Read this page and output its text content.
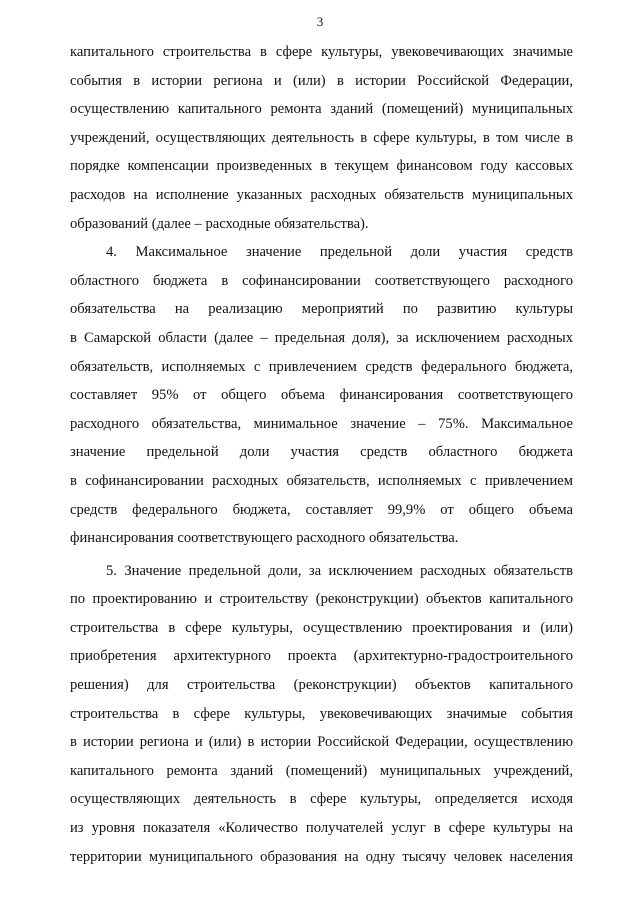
3
капитального строительства в сфере культуры, увековечивающих значимые
события в истории региона и (или) в истории Российской Федерации,
осуществлению капитального ремонта зданий (помещений) муниципальных
учреждений, осуществляющих деятельность в сфере культуры, в том числе в
порядке компенсации произведенных в текущем финансовом году кассовых
расходов на исполнение указанных расходных обязательств муниципальных
образований (далее – расходные обязательства).
4. Максимальное значение предельной доли участия средств
областного бюджета в софинансировании соответствующего расходного
обязательства на реализацию мероприятий по развитию культуры
в Самарской области (далее – предельная доля), за исключением расходных
обязательств, исполняемых с привлечением средств федерального бюджета,
составляет 95% от общего объема финансирования соответствующего
расходного обязательства, минимальное значение – 75%. Максимальное
значение предельной доли участия средств областного бюджета
в софинансировании расходных обязательств, исполняемых с привлечением
средств федерального бюджета, составляет 99,9% от общего объема
финансирования соответствующего расходного обязательства.
5. Значение предельной доли, за исключением расходных обязательств
по проектированию и строительству (реконструкции) объектов капитального
строительства в сфере культуры, осуществлению проектирования и (или)
приобретения архитектурного проекта (архитектурно-градостроительного
решения) для строительства (реконструкции) объектов капитального
строительства в сфере культуры, увековечивающих значимые события
в истории региона и (или) в истории Российской Федерации, осуществлению
капитального ремонта зданий (помещений) муниципальных учреждений,
осуществляющих деятельность в сфере культуры, определяется исходя
из уровня показателя «Количество получателей услуг в сфере культуры на
территории муниципального образования на одну тысячу человек населения
